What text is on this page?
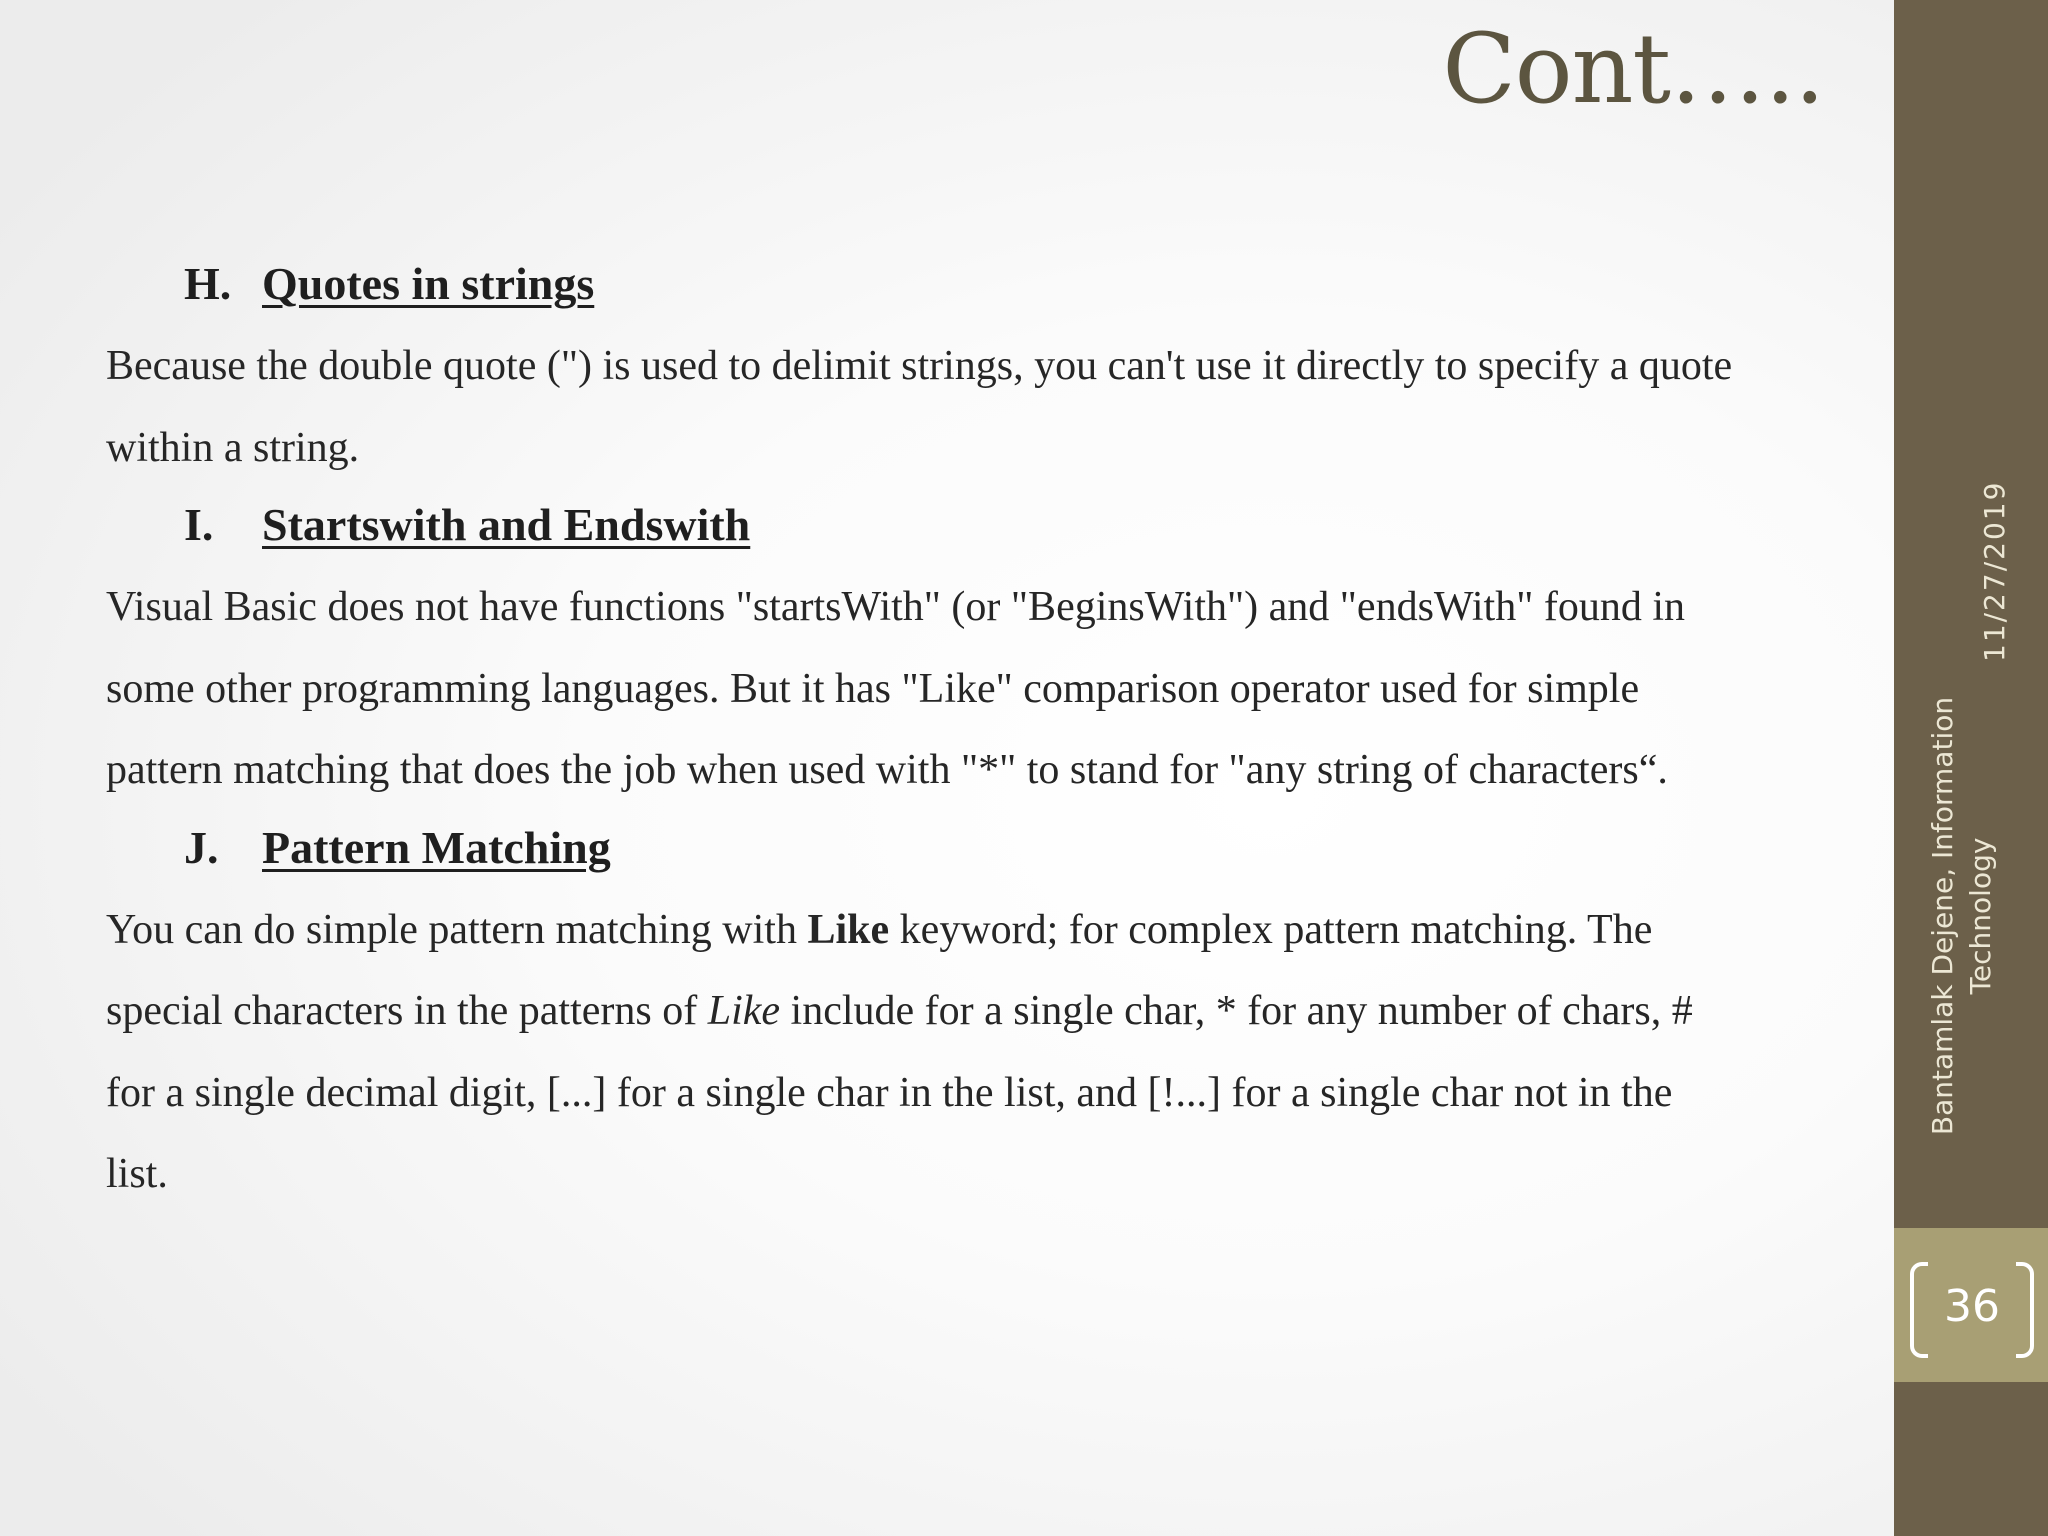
Cont…..
H. Quotes in strings

Because the double quote (") is used to delimit strings, you can't use it directly to specify a quote
within a string.

I. Startswith and Endswith

Visual Basic does not have functions "startsWith" (or "BeginsWith") and "endsWith" found in
some other programming languages. But it has "Like" comparison operator used for simple
pattern matching that does the job when used with "*" to stand for "any string of characters“.

J. Pattern Matching

You can do simple pattern matching with Like keyword; for complex pattern matching. The
special characters in the patterns of Like include for a single char, * for any number of chars, #
for a single decimal digit, [...] for a single char in the list, and [!...] for a single char not in the
list.

11/27/2019
Bantamlak Dejene, Information Technology
36
